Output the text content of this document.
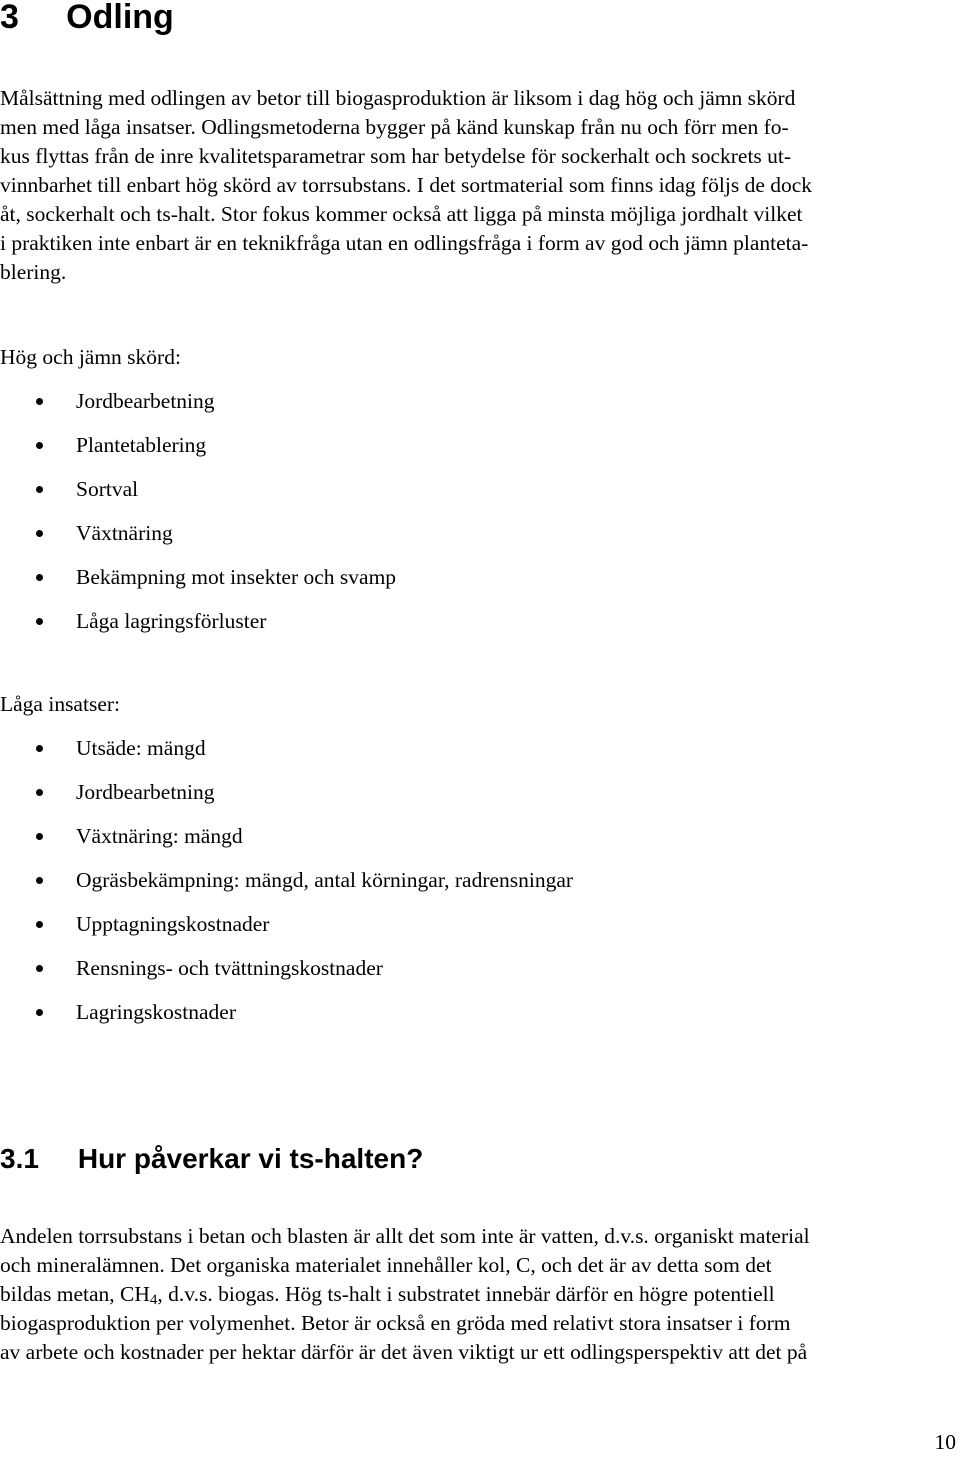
3 Odling
Målsättning med odlingen av betor till biogasproduktion är liksom i dag hög och jämn skörd
men med låga insatser. Odlingsmetoderna bygger på känd kunskap från nu och förr men fo-
kus flyttas från de inre kvalitetsparametrar som har betydelse för sockerhalt och sockrets ut-
vinnbarhet till enbart hög skörd av torrsubstans. I det sortmaterial som finns idag följs de dock
åt, sockerhalt och ts-halt. Stor fokus kommer också att ligga på minsta möjliga jordhalt vilket
i praktiken inte enbart är en teknikfråga utan en odlingsfråga i form av god och jämn planteta-
blering.
Hög och jämn skörd:
Jordbearbetning
Plantetablering
Sortval
Växtnäring
Bekämpning mot insekter och svamp
Låga lagringsförluster
Låga insatser:
Utsäde: mängd
Jordbearbetning
Växtnäring: mängd
Ogräsbekämpning: mängd, antal körningar, radrensningar
Upptagningskostnader
Rensnings- och tvättningskostnader
Lagringskostnader
3.1 Hur påverkar vi ts-halten?
Andelen torrsubstans i betan och blasten är allt det som inte är vatten, d.v.s. organiskt material
och mineralämnen. Det organiska materialet innehåller kol, C, och det är av detta som det
bildas metan, $CH_4$, d.v.s. biogas. Hög ts-halt i substratet innebär därför en högre potentiell
biogasproduktion per volymenhet. Betor är också en gröda med relativt stora insatser i form
av arbete och kostnader per hektar därför är det även viktigt ur ett odlingsperspektiv att det på
10
